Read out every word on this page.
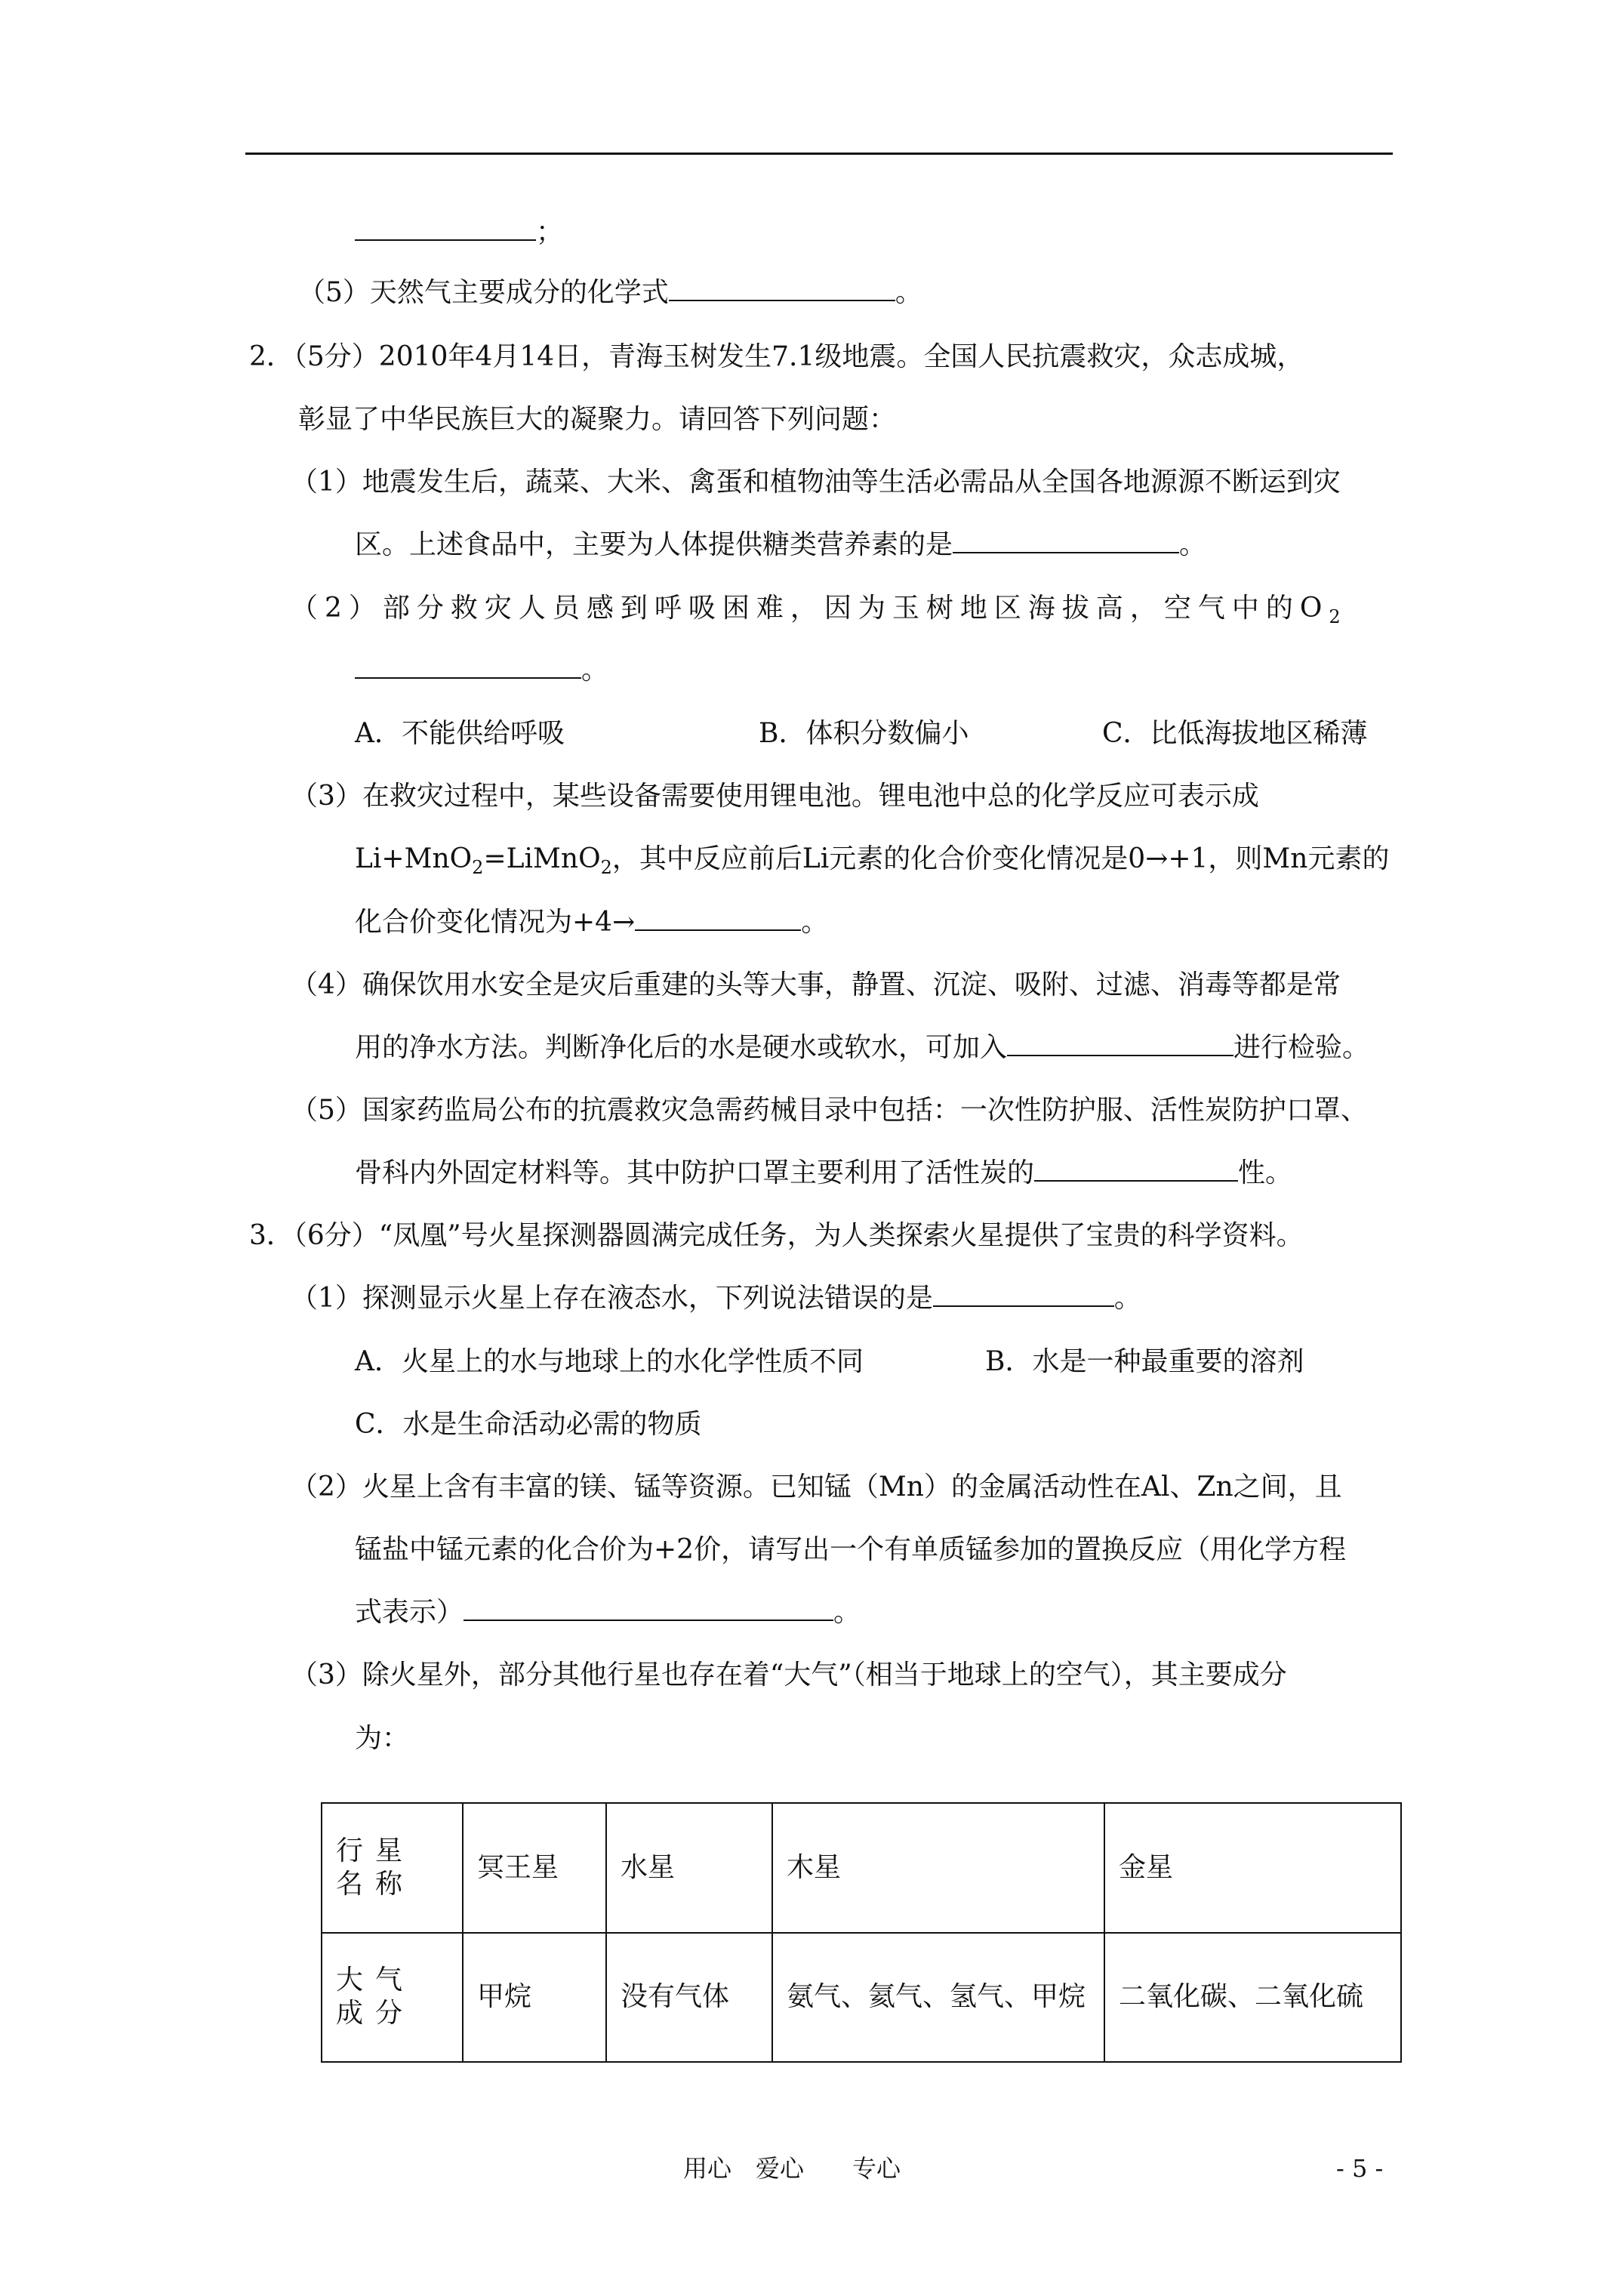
；
（5）天然气主要成分的化学式	。
2．（5分）2010年4月14日，青海玉树发生7.1级地震。全国人民抗震救灾，众志成城，
彰显了中华民族巨大的凝聚力。请回答下列问题：
（1）地震发生后，蔬菜、大米、禽蛋和植物油等生活必需品从全国各地源源不断运到灾
区。上述食品中，主要为人体提供糖类营养素的是	。
（2）部分救灾人员感到呼吸困难，因为玉树地区海拔高，空气中的$O_2$
。
A．不能供给呼吸	B．体积分数偏小	C．比低海拔地区稀薄
（3）在救灾过程中，某些设备需要使用锂电池。锂电池中总的化学反应可表示成
Li+MnO$_2$=LiMnO$_2$，其中反应前后Li元素的化合价变化情况是0→+1，则Mn元素的
化合价变化情况为+4→	。
（4）确保饮用水安全是灾后重建的头等大事，静置、沉淀、吸附、过滤、消毒等都是常
用的净水方法。判断净化后的水是硬水或软水，可加入	进行检验。
（5）国家药监局公布的抗震救灾急需药械目录中包括：一次性防护服、活性炭防护口罩、
骨科内外固定材料等。其中防护口罩主要利用了活性炭的	性。
3．（6分）“凤凰”号火星探测器圆满完成任务，为人类探索火星提供了宝贵的科学资料。
（1）探测显示火星上存在液态水，下列说法错误的是	。
A．火星上的水与地球上的水化学性质不同	B．水是一种最重要的溶剂
C．水是生命活动必需的物质
（2）火星上含有丰富的镁、锰等资源。已知锰（Mn）的金属活动性在Al、Zn之间，且
锰盐中锰元素的化合价为+2价，请写出一个有单质锰参加的置换反应（用化学方程
式表示）	。
（3）除火星外，部分其他行星也存在着“大气”（相当于地球上的空气），其主要成分
为：
行星名称	冥王星	水星	木星	金星
大气成分	甲烷	没有气体	氨气、氦气、氢气、甲烷	二氧化碳、二氧化硫
用心　爱心　　专心	- 5 -
